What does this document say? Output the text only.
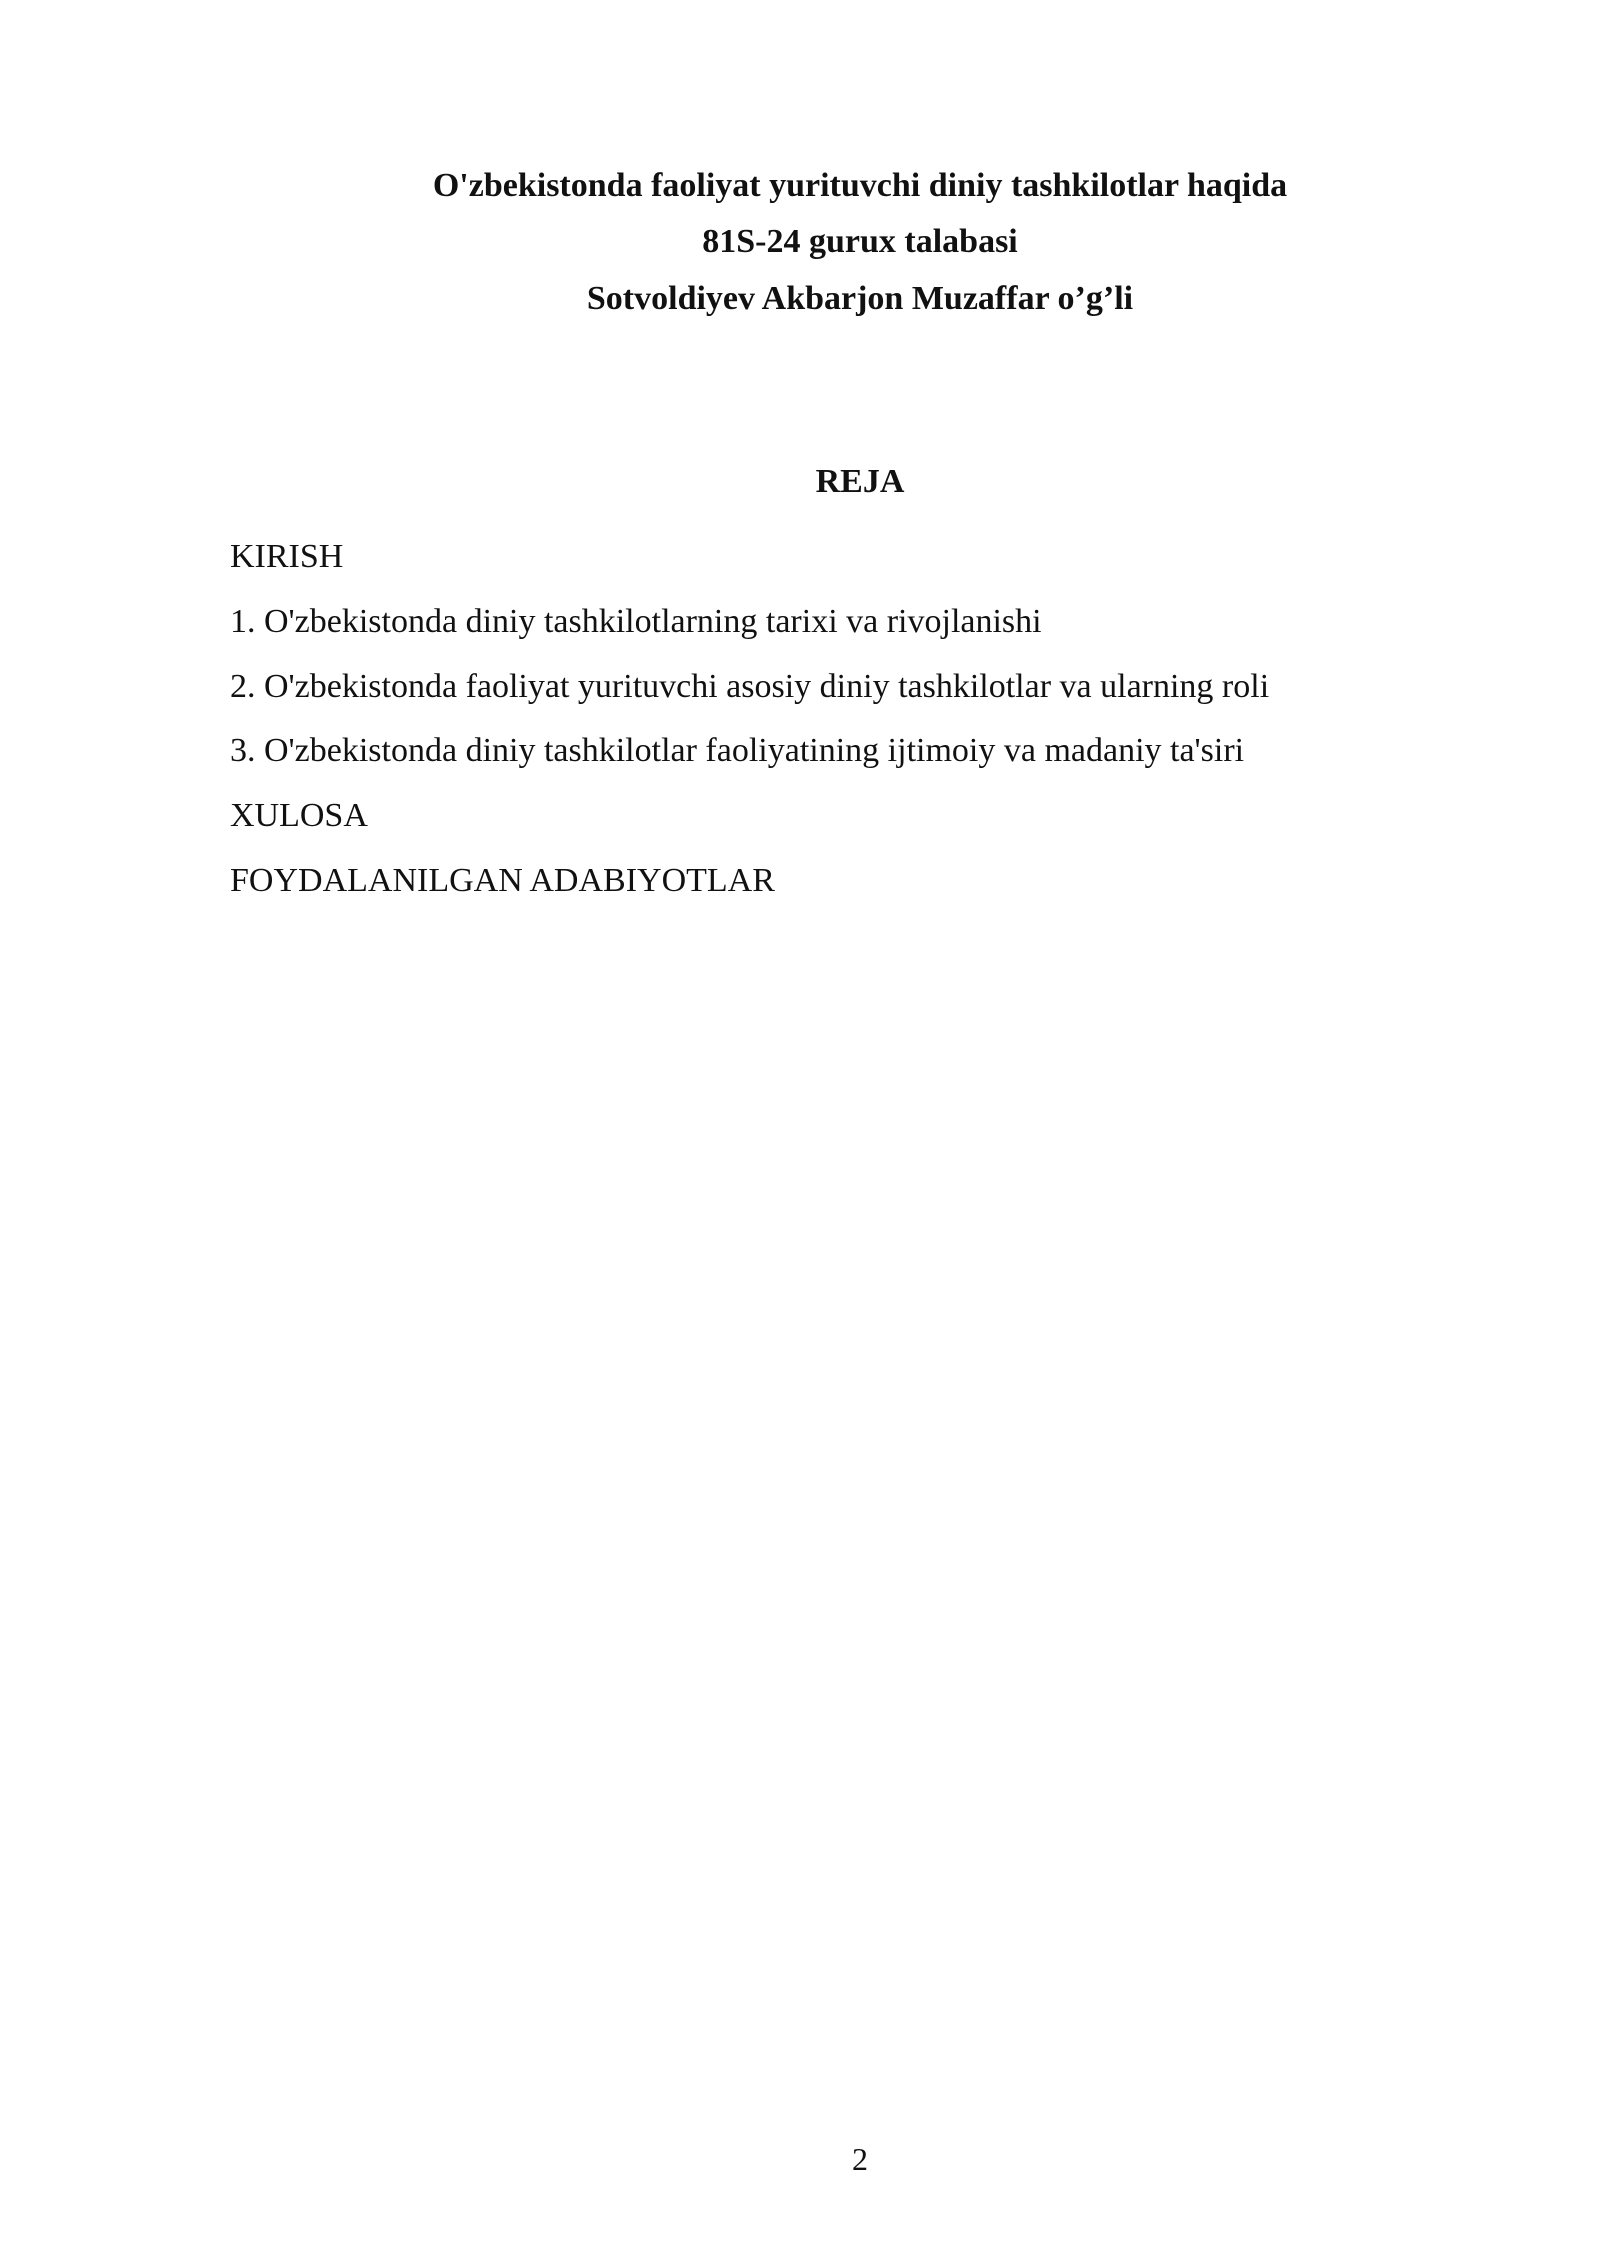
O'zbekistonda faoliyat yurituvchi diniy tashkilotlar haqida
81S-24 gurux talabasi
Sotvoldiyev Akbarjon Muzaffar o’g’li
REJA
KIRISH
1. O'zbekistonda diniy tashkilotlarning tarixi va rivojlanishi
2. O'zbekistonda faoliyat yurituvchi asosiy diniy tashkilotlar va ularning roli
3. O'zbekistonda diniy tashkilotlar faoliyatining ijtimoiy va madaniy ta'siri
XULOSA
FOYDALANILGAN ADABIYOTLAR
2
